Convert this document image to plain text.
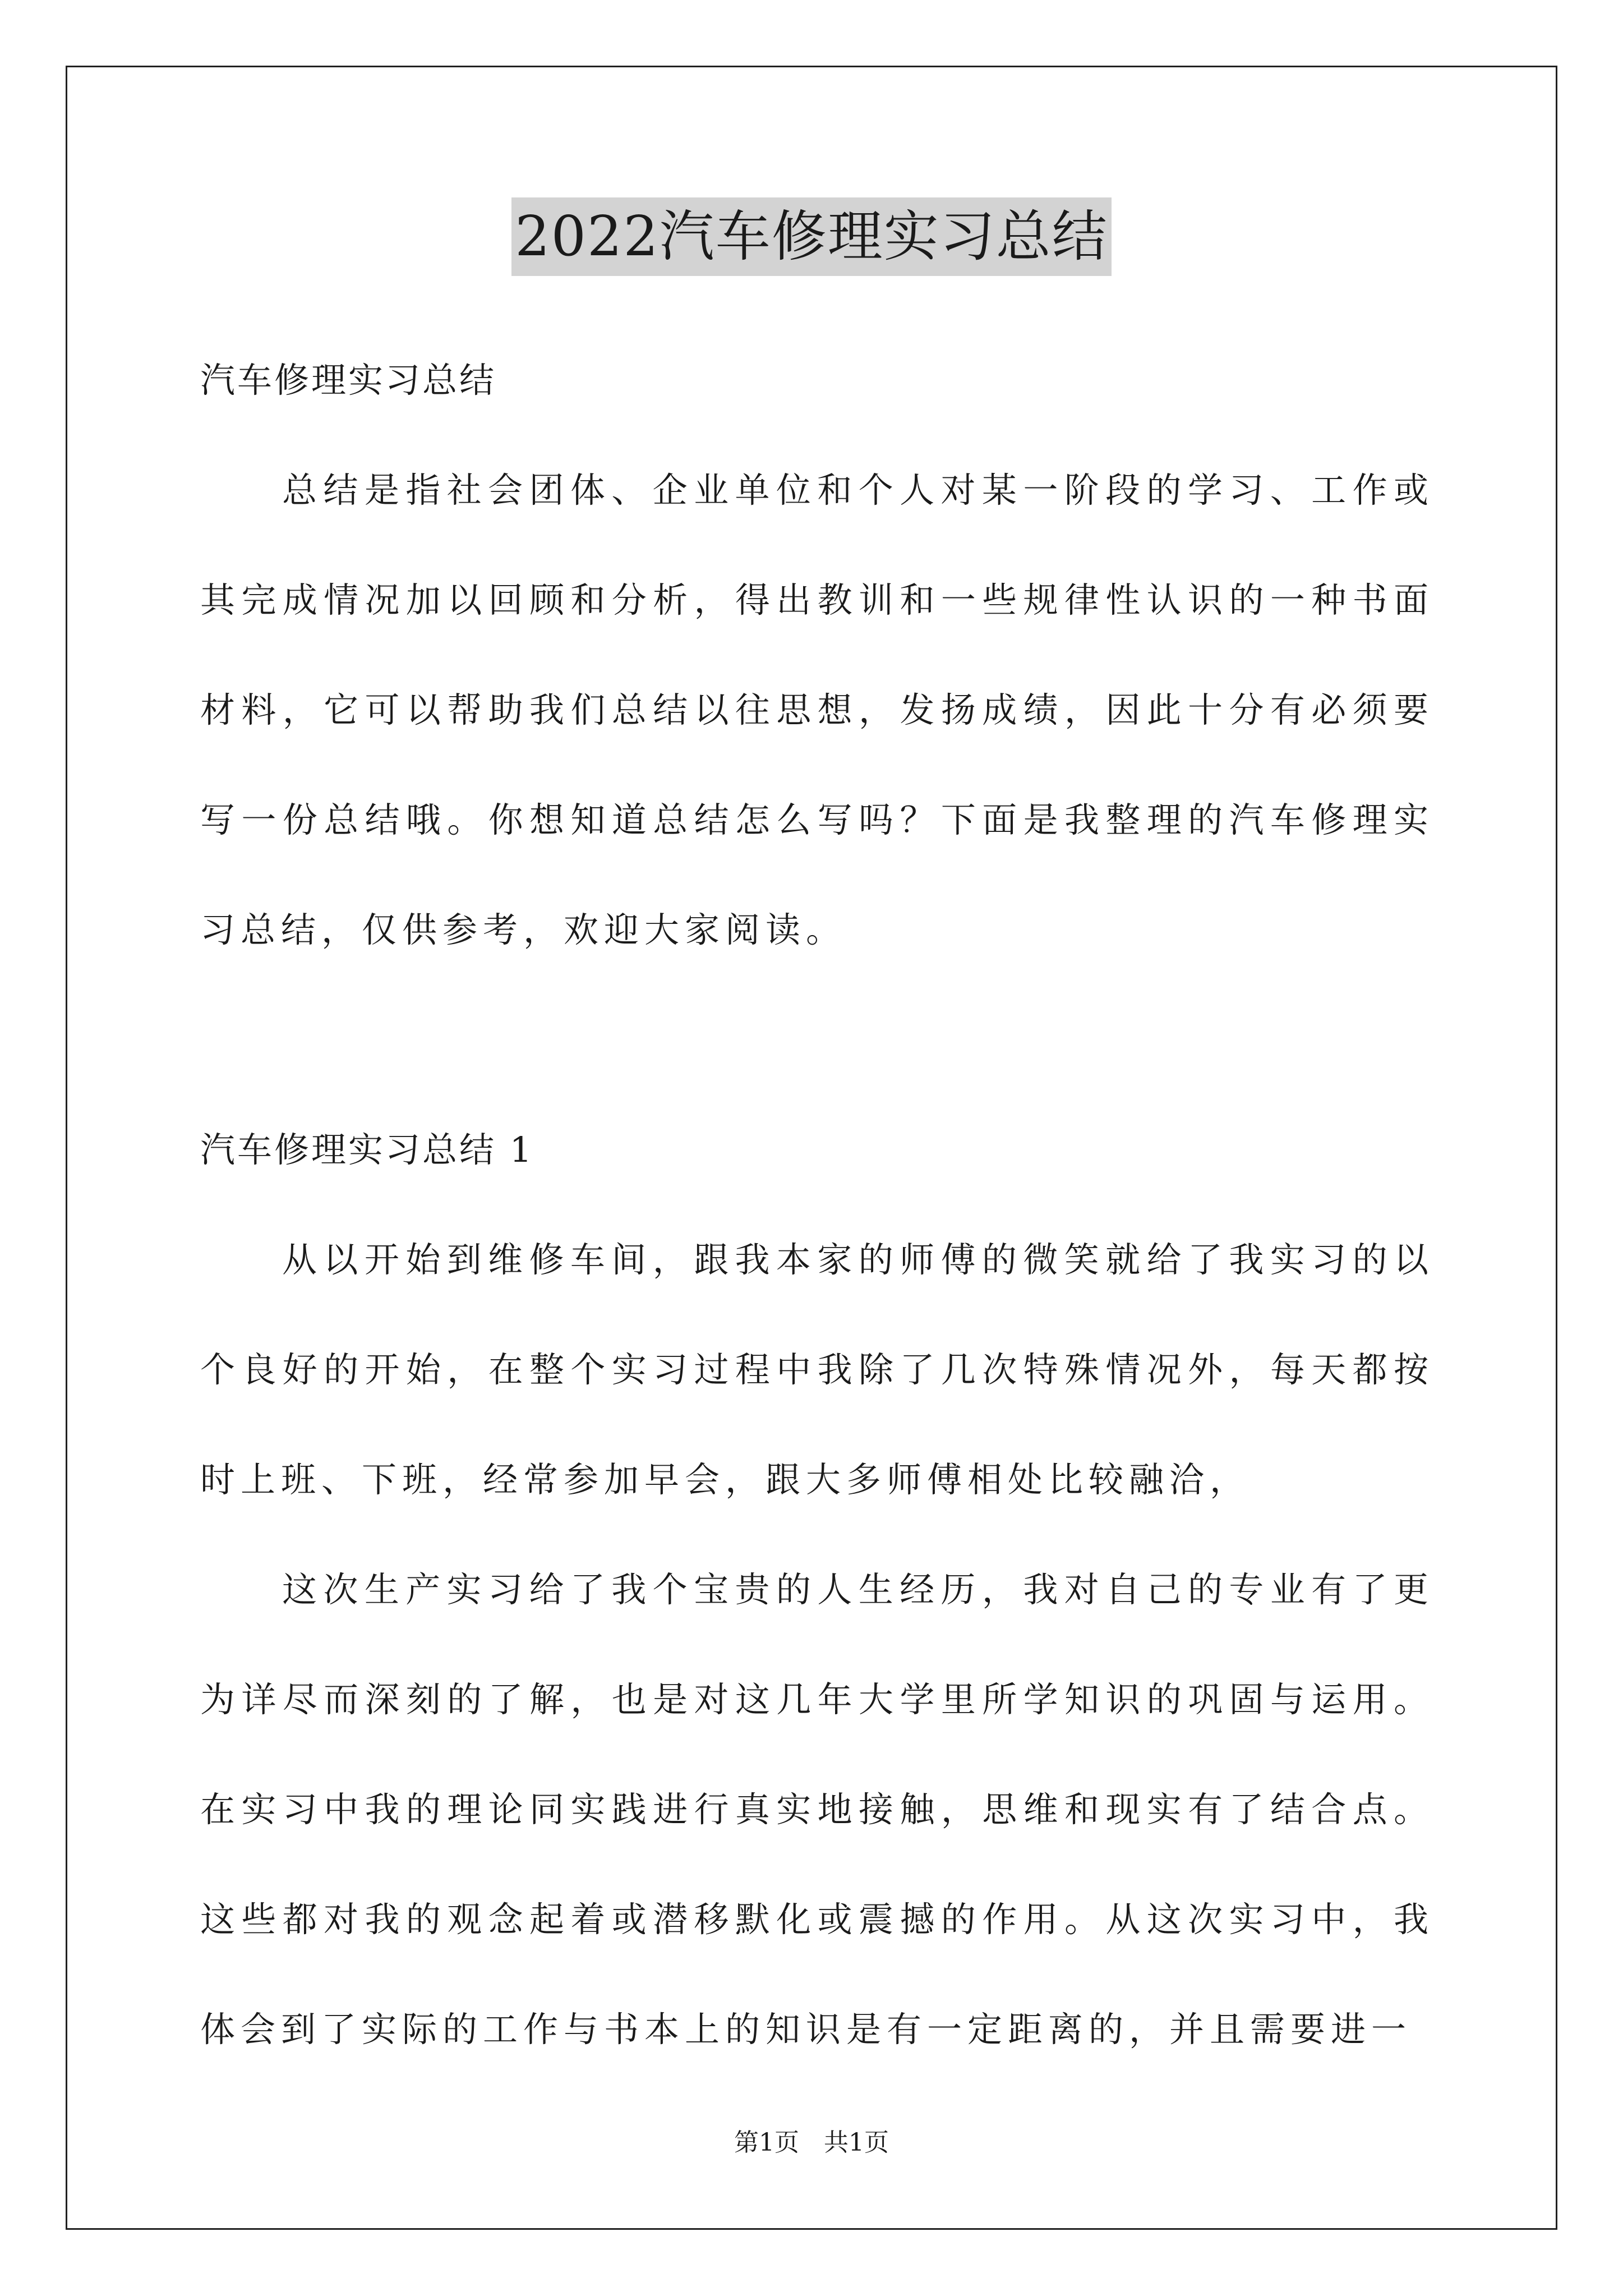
2022汽车修理实习总结
汽车修理实习总结

总结是指社会团体、企业单位和个人对某一阶段的学习、工作或其完成情况加以回顾和分析，得出教训和一些规律性认识的一种书面材料，它可以帮助我们总结以往思想，发扬成绩，因此十分有必须要写一份总结哦。你想知道总结怎么写吗？下面是我整理的汽车修理实习总结，仅供参考，欢迎大家阅读。

汽车修理实习总结 1

从以开始到维修车间，跟我本家的师傅的微笑就给了我实习的以个良好的开始，在整个实习过程中我除了几次特殊情况外，每天都按时上班、下班，经常参加早会，跟大多师傅相处比较融洽，

这次生产实习给了我个宝贵的人生经历，我对自己的专业有了更为详尽而深刻的了解，也是对这几年大学里所学知识的巩固与运用。在实习中我的理论同实践进行真实地接触，思维和现实有了结合点。这些都对我的观念起着或潜移默化或震撼的作用。从这次实习中，我体会到了实际的工作与书本上的知识是有一定距离的，并且需要进一

第1页　共1页
